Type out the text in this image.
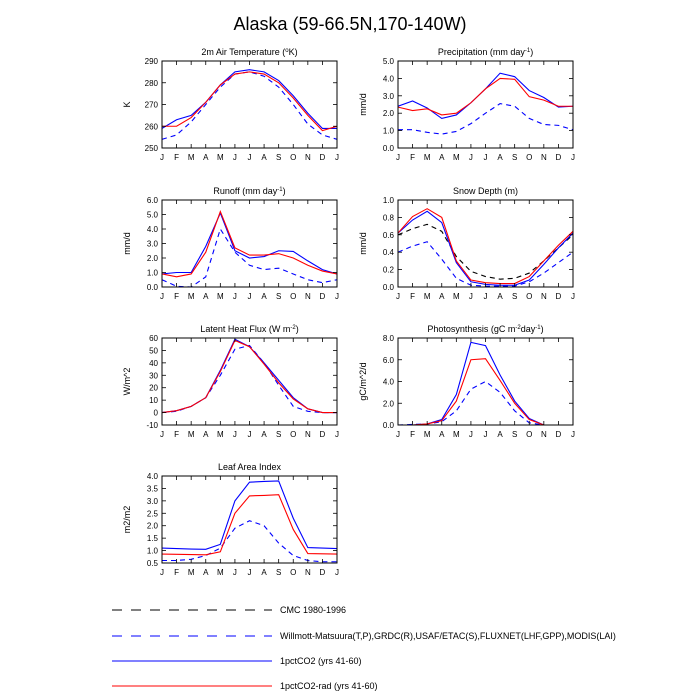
Alaska (59-66.5N,170-140W)
2m Air Temperature ($^o$K)
250
260
270
280
290
J F M A M J J A S O N D J
K
Precipitation (mm day$^{-1}$)
0.0
1.0
2.0
3.0
4.0
5.0
J F M A M J J A S O N D J
mm/d
Runoff (mm day$^{-1}$)
0.0
1.0
2.0
3.0
4.0
5.0
6.0
J F M A M J J A S O N D J
mm/d
Snow Depth (m)
0.0
0.2
0.4
0.6
0.8
1.0
J F M A M J J A S O N D J
mm/d
Latent Heat Flux (W $m^{-2}$)
-10
0
10
20
30
40
50
60
J F M A M J J A S O N D J
W/m^2
Photosynthesis (gC $m^{-2}day^{-1}$)
0.0
2.0
4.0
6.0
8.0
J F M A M J J A S O N D J
gC/m^2/d
Leaf Area Index
0.5
1.0
1.5
2.0
2.5
3.0
3.5
4.0
J F M A M J J A S O N D J
m2/m2
CMC 1980-1996
Willmott-Matsuura(T,P),GRDC(R),USAF/ETAC(S),FLUXNET(LHF,GPP),MODIS(LAI)
1pctCO2 (yrs 41-60)
1pctCO2-rad (yrs 41-60)
